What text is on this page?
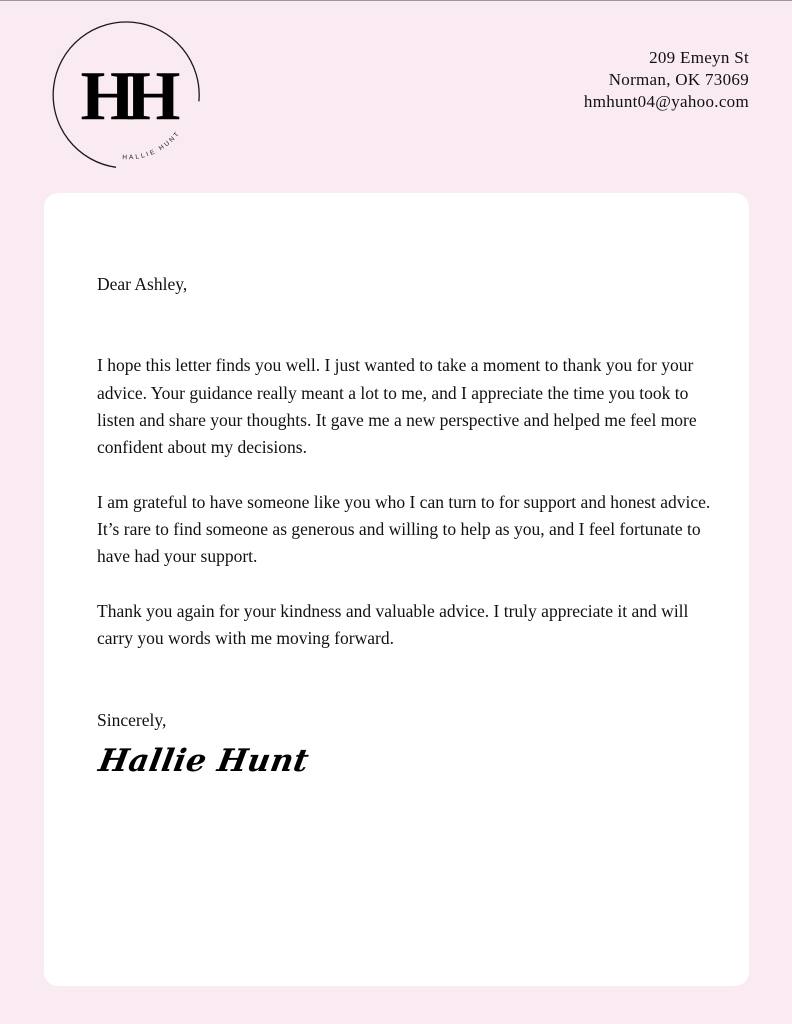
HH
HALLIE HUNT
209 Emeyn St
Norman, OK 73069
hmhunt04@yahoo.com

Dear Ashley,

I hope this letter finds you well. I just wanted to take a moment to thank you for your advice. Your guidance really meant a lot to me, and I appreciate the time you took to listen and share your thoughts. It gave me a new perspective and helped me feel more confident about my decisions.

I am grateful to have someone like you who I can turn to for support and honest advice. It’s rare to find someone as generous and willing to help as you, and I feel fortunate to have had your support.

Thank you again for your kindness and valuable advice. I truly appreciate it and will carry you words with me moving forward.

Sincerely,

Hallie Hunt
